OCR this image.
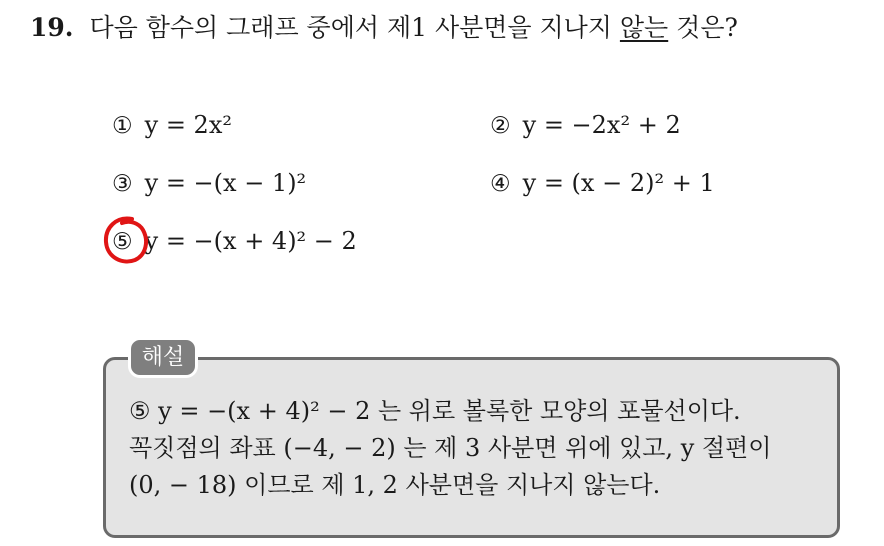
19. 다음 함수의 그래프 중에서 제1 사분면을 지나지 않는 것은?
① y = 2x²	② y = −2x² + 2
③ y = −(x − 1)²	④ y = (x − 2)² + 1
⑤ y = −(x + 4)² − 2
해설
⑤ y = −(x + 4)² − 2 는 위로 볼록한 모양의 포물선이다.
꼭짓점의 좌표 (−4, − 2) 는 제 3 사분면 위에 있고, y 절편이
(0, − 18) 이므로 제 1, 2 사분면을 지나지 않는다.
